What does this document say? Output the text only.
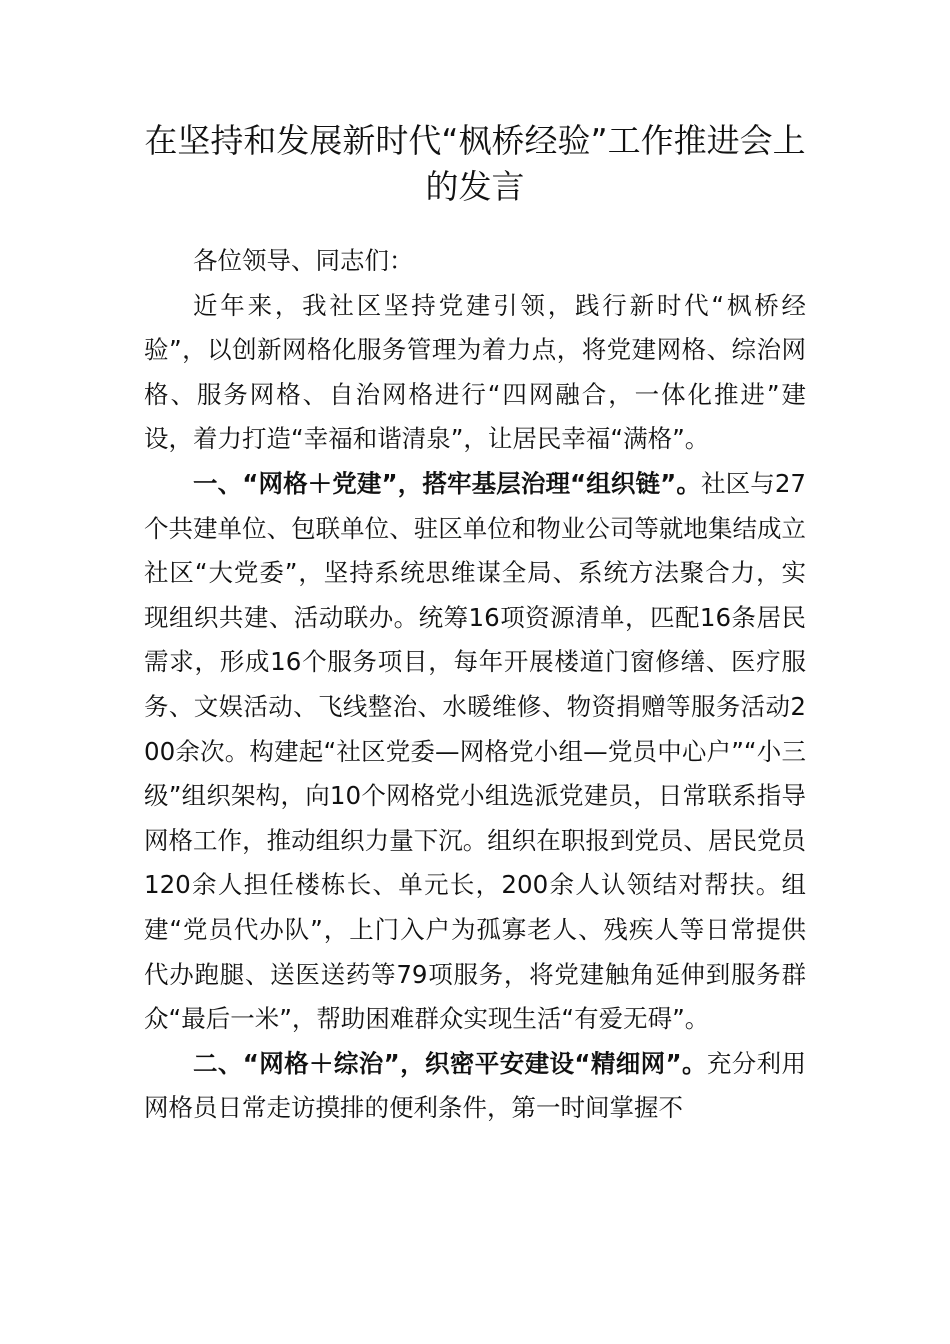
在坚持和发展新时代“枫桥经验”工作推进会上的发言

各位领导、同志们：

近年来，我社区坚持党建引领，践行新时代“枫桥经验”，以创新网格化服务管理为着力点，将党建网格、综治网格、服务网格、自治网格进行“四网融合，一体化推进”建设，着力打造“幸福和谐清泉”，让居民幸福“满格”。

一、“网格＋党建”，搭牢基层治理“组织链”。社区与27个共建单位、包联单位、驻区单位和物业公司等就地集结成立社区“大党委”，坚持系统思维谋全局、系统方法聚合力，实现组织共建、活动联办。统筹16项资源清单，匹配16条居民需求，形成16个服务项目，每年开展楼道门窗修缮、医疗服务、文娱活动、飞线整治、水暖维修、物资捐赠等服务活动200余次。构建起“社区党委—网格党小组—党员中心户”“小三级”组织架构，向10个网格党小组选派党建员，日常联系指导网格工作，推动组织力量下沉。组织在职报到党员、居民党员120余人担任楼栋长、单元长，200余人认领结对帮扶。组建“党员代办队”，上门入户为孤寡老人、残疾人等日常提供代办跑腿、送医送药等79项服务，将党建触角延伸到服务群众“最后一米”，帮助困难群众实现生活“有爱无碍”。

二、“网格＋综治”，织密平安建设“精细网”。充分利用网格员日常走访摸排的便利条件，第一时间掌握不
